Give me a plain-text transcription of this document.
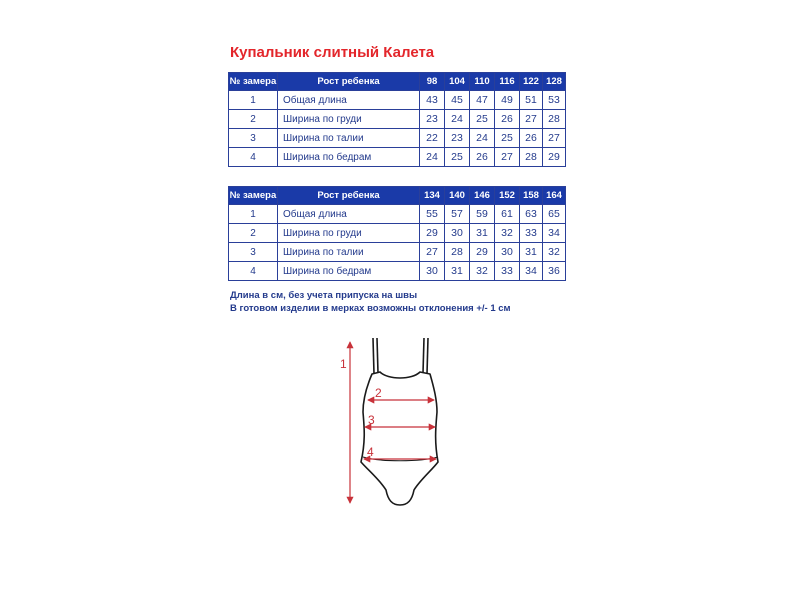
Купальник слитный Калета
№ замера	Рост ребенка	98	104	110	116	122	128
1	Общая длина	43	45	47	49	51	53
2	Ширина по груди	23	24	25	26	27	28
3	Ширина по талии	22	23	24	25	26	27
4	Ширина по бедрам	24	25	26	27	28	29
№ замера	Рост ребенка	134	140	146	152	158	164
1	Общая длина	55	57	59	61	63	65
2	Ширина по груди	29	30	31	32	33	34
3	Ширина по талии	27	28	29	30	31	32
4	Ширина по бедрам	30	31	32	33	34	36
Длина в см, без учета припуска на швы
В готовом изделии в мерках возможны отклонения +/- 1 см
1
2
3
4
